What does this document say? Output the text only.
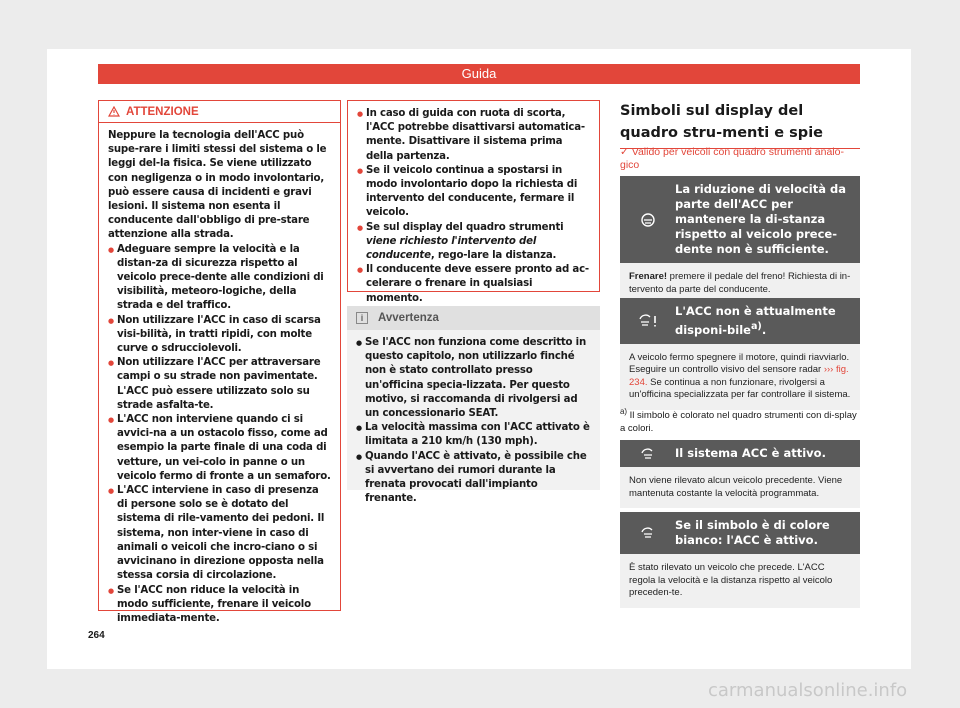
Guida
ATTENZIONE
Neppure la tecnologia dell'ACC può supe-rare i limiti stessi del sistema o le leggi del-la fisica. Se viene utilizzato con negligenza o in modo involontario, può essere causa di incidenti e gravi lesioni. Il sistema non esenta il conducente dall'obbligo di pre-stare attenzione alla strada.
● Adeguare sempre la velocità e la distan-za di sicurezza rispetto al veicolo prece-dente alle condizioni di visibilità, meteoro-logiche, della strada e del traffico.
● Non utilizzare l'ACC in caso di scarsa visi-bilità, in tratti ripidi, con molte curve o sdrucciolevoli.
● Non utilizzare l'ACC per attraversare campi o su strade non pavimentate. L'ACC può essere utilizzato solo su strade asfalta-te.
● L'ACC non interviene quando ci si avvici-na a un ostacolo fisso, come ad esempio la parte finale di una coda di vetture, un vei-colo in panne o un veicolo fermo di fronte a un semaforo.
● L'ACC interviene in caso di presenza di persone solo se è dotato del sistema di rile-vamento dei pedoni. Il sistema, non inter-viene in caso di animali o veicoli che incro-ciano o si avvicinano in direzione opposta nella stessa corsia di circolazione.
● Se l'ACC non riduce la velocità in modo sufficiente, frenare il veicolo immediata-mente.
● In caso di guida con ruota di scorta, l'ACC potrebbe disattivarsi automatica-mente. Disattivare il sistema prima della partenza.
● Se il veicolo continua a spostarsi in modo involontario dopo la richiesta di intervento del conducente, fermare il veicolo.
● Se sul display del quadro strumenti viene richiesto l'intervento del conducente, rego-lare la distanza.
● Il conducente deve essere pronto ad ac-celerare o frenare in qualsiasi momento.
i	Avvertenza
● Se l'ACC non funziona come descritto in questo capitolo, non utilizzarlo finché non è stato controllato presso un'officina specia-lizzata. Per questo motivo, si raccomanda di rivolgersi ad un concessionario SEAT.
● La velocità massima con l'ACC attivato è limitata a 210 km/h (130 mph).
● Quando l'ACC è attivato, è possibile che si avvertano dei rumori durante la frenata provocati dall'impianto frenante.
Simboli sul display del quadro stru-menti e spie
✓ Valido per veicoli con quadro strumenti analo-gico
La riduzione di velocità da parte dell'ACC per mantenere la di-stanza rispetto al veicolo prece-dente non è sufficiente.
Frenare! premere il pedale del freno! Richiesta di in-tervento da parte del conducente.
L'ACC non è attualmente disponi-bile$^{a)}$.
A veicolo fermo spegnere il motore, quindi riavviarlo. Eseguire un controllo visivo del sensore radar ››› fig. 234. Se continua a non funzionare, rivolgersi a un'officina specializzata per far controllare il sistema.
$^{a)}$ Il simbolo è colorato nel quadro strumenti con di-splay a colori.
Il sistema ACC è attivo.
Non viene rilevato alcun veicolo precedente. Viene mantenuta costante la velocità programmata.
Se il simbolo è di colore bianco: l'ACC è attivo.
È stato rilevato un veicolo che precede. L'ACC regola la velocità e la distanza rispetto al veicolo preceden-te.
264
carmanualsonline.info
